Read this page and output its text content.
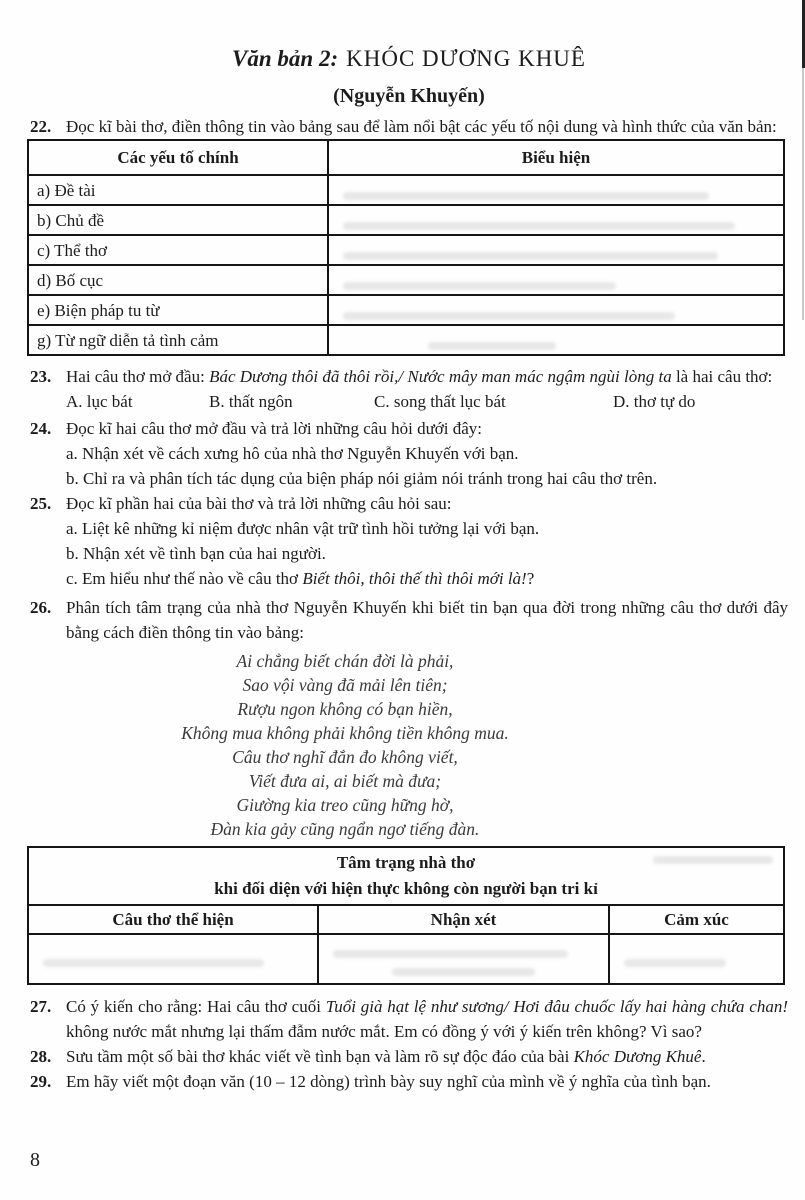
Văn bản 2: KHÓC DƯƠNG KHUÊ
(Nguyễn Khuyến)
22. Đọc kĩ bài thơ, điền thông tin vào bảng sau để làm nổi bật các yếu tố nội dung và hình thức của văn bản:
Các yếu tố chính	Biểu hiện
a) Đề tài	

b) Chủ đề	

c) Thể thơ	

d) Bố cục	

e) Biện pháp tu từ	

g) Từ ngữ diễn tả tình cảm	
23. Hai câu thơ mở đầu: Bác Dương thôi đã thôi rồi,/ Nước mây man mác ngậm ngùi lòng ta là hai câu thơ:
A. lục bát	B. thất ngôn	C. song thất lục bát	D. thơ tự do
24. Đọc kĩ hai câu thơ mở đầu và trả lời những câu hỏi dưới đây:
a. Nhận xét về cách xưng hô của nhà thơ Nguyễn Khuyến với bạn.
b. Chỉ ra và phân tích tác dụng của biện pháp nói giảm nói tránh trong hai câu thơ trên.
25. Đọc kĩ phần hai của bài thơ và trả lời những câu hỏi sau:
a. Liệt kê những kỉ niệm được nhân vật trữ tình hồi tưởng lại với bạn.
b. Nhận xét về tình bạn của hai người.
c. Em hiểu như thế nào về câu thơ Biết thôi, thôi thế thì thôi mới là!?
26. Phân tích tâm trạng của nhà thơ Nguyễn Khuyến khi biết tin bạn qua đời trong những câu thơ dưới đây bằng cách điền thông tin vào bảng:
Ai chẳng biết chán đời là phải,
Sao vội vàng đã mải lên tiên;
Rượu ngon không có bạn hiền,
Không mua không phải không tiền không mua.
Câu thơ nghĩ đắn đo không viết,
Viết đưa ai, ai biết mà đưa;
Giường kia treo cũng hững hờ,
Đàn kia gảy cũng ngẩn ngơ tiếng đàn.
Tâm trạng nhà thơ
khi đối diện với hiện thực không còn người bạn tri kỉ		

Câu thơ thể hiện	Nhận xét	Cảm xúc

27. Có ý kiến cho rằng: Hai câu thơ cuối Tuổi già hạt lệ như sương/ Hơi đâu chuốc lấy hai hàng chứa chan! không nước mắt nhưng lại thấm đẫm nước mắt. Em có đồng ý với ý kiến trên không? Vì sao?
28. Sưu tầm một số bài thơ khác viết về tình bạn và làm rõ sự độc đáo của bài Khóc Dương Khuê.
29. Em hãy viết một đoạn văn (10 – 12 dòng) trình bày suy nghĩ của mình về ý nghĩa của tình bạn.
8
